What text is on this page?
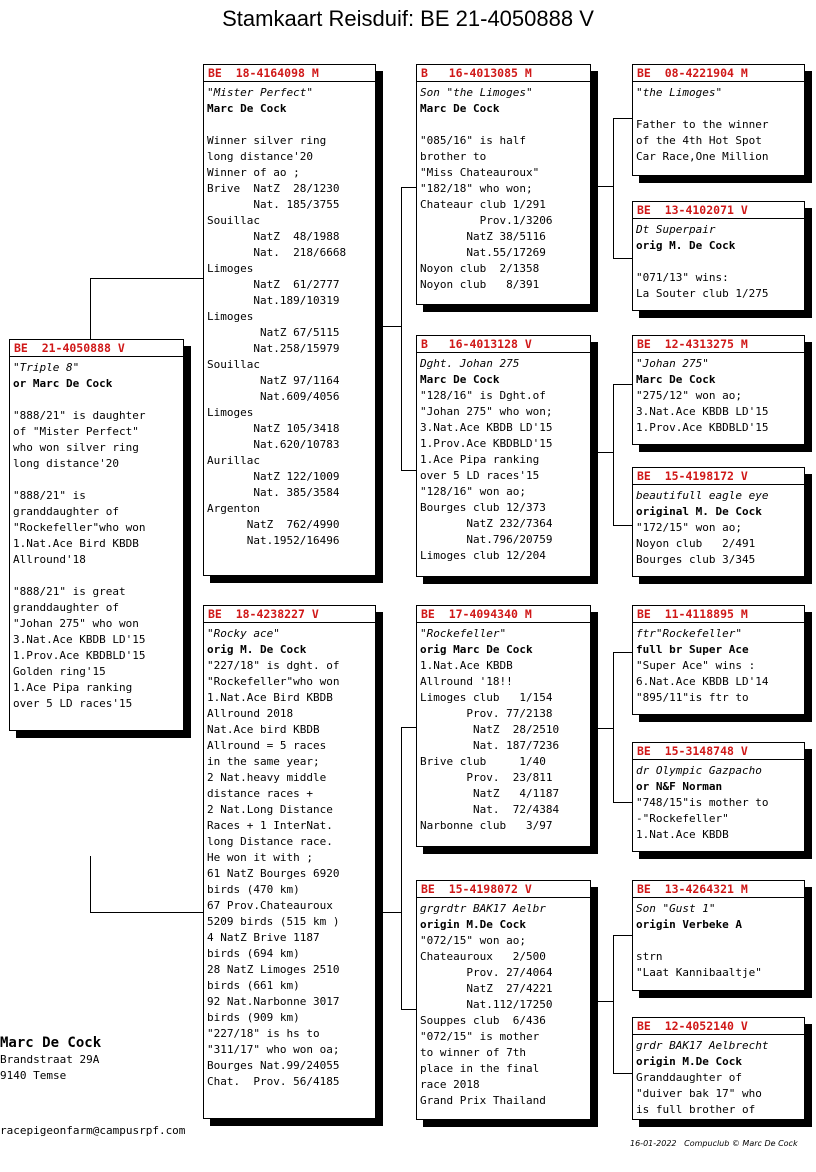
Stamkaart Reisduif: BE 21-4050888 V
BE  21-4050888 V
"Triple 8"
or Marc De Cock
"888/21" is daughter
of "Mister Perfect"
who won silver ring
long distance'20
"888/21" is
granddaughter of
"Rockefeller"who won
1.Nat.Ace Bird KBDB
Allround'18
"888/21" is great
granddaughter of
"Johan 275" who won
3.Nat.Ace KBDB LD'15
1.Prov.Ace KBDBLD'15
Golden ring'15
1.Ace Pipa ranking
over 5 LD races'15
BE  18-4164098 M
"Mister Perfect"
Marc De Cock
Winner silver ring
long distance'20
Winner of ao ;
Brive  NatZ  28/1230
Nat. 185/3755
Souillac
NatZ  48/1988
Nat.  218/6668
Limoges
NatZ  61/2777
Nat.189/10319
Limoges
NatZ 67/5115
Nat.258/15979
Souillac
NatZ 97/1164
Nat.609/4056
Limoges
NatZ 105/3418
Nat.620/10783
Aurillac
NatZ 122/1009
Nat. 385/3584
Argenton
NatZ  762/4990
Nat.1952/16496
BE  18-4238227 V
"Rocky ace"
orig M. De Cock
"227/18" is dght. of
"Rockefeller"who won
1.Nat.Ace Bird KBDB
Allround 2018
Nat.Ace bird KBDB
Allround = 5 races
in the same year;
2 Nat.heavy middle
distance races +
2 Nat.Long Distance
Races + 1 InterNat.
long Distance race.
He won it with ;
61 NatZ Bourges 6920
birds (470 km)
67 Prov.Chateauroux
5209 birds (515 km )
4 NatZ Brive 1187
birds (694 km)
28 NatZ Limoges 2510
birds (661 km)
92 Nat.Narbonne 3017
birds (909 km)
"227/18" is hs to
"311/17" who won oa;
Bourges Nat.99/24055
Chat.  Prov. 56/4185
B   16-4013085 M
Son "the Limoges"
Marc De Cock
"085/16" is half
brother to
"Miss Chateauroux"
"182/18" who won;
Chateaur club 1/291
Prov.1/3206
NatZ 38/5116
Nat.55/17269
Noyon club  2/1358
Noyon club   8/391
B   16-4013128 V
Dght. Johan 275
Marc De Cock
"128/16" is Dght.of
"Johan 275" who won;
3.Nat.Ace KBDB LD'15
1.Prov.Ace KBDBLD'15
1.Ace Pipa ranking
over 5 LD races'15
"128/16" won ao;
Bourges club 12/373
NatZ 232/7364
Nat.796/20759
Limoges club 12/204
BE  17-4094340 M
"Rockefeller"
orig Marc De Cock
1.Nat.Ace KBDB
Allround '18!!
Limoges club   1/154
Prov. 77/2138
NatZ  28/2510
Nat. 187/7236
Brive club     1/40
Prov.  23/811
NatZ   4/1187
Nat.  72/4384
Narbonne club   3/97
BE  15-4198072 V
grgrdtr BAK17 Aelbr
origin M.De Cock
"072/15" won ao;
Chateauroux   2/500
Prov. 27/4064
NatZ  27/4221
Nat.112/17250
Souppes club  6/436
"072/15" is mother
to winner of 7th
place in the final
race 2018
Grand Prix Thailand
BE  08-4221904 M
"the Limoges"
Father to the winner
of the 4th Hot Spot
Car Race,One Million
BE  13-4102071 V
Dt Superpair
orig M. De Cock
"071/13" wins:
La Souter club 1/275
BE  12-4313275 M
"Johan 275"
Marc De Cock
"275/12" won ao;
3.Nat.Ace KBDB LD'15
1.Prov.Ace KBDBLD'15
BE  15-4198172 V
beautifull eagle eye
original M. De Cock
"172/15" won ao;
Noyon club   2/491
Bourges club 3/345
BE  11-4118895 M
ftr"Rockefeller"
full br Super Ace
"Super Ace" wins :
6.Nat.Ace KBDB LD'14
"895/11"is ftr to
BE  15-3148748 V
dr Olympic Gazpacho
or N&F Norman
"748/15"is mother to
-"Rockefeller"
1.Nat.Ace KBDB
BE  13-4264321 M
Son "Gust 1"
origin Verbeke A
strn
"Laat Kannibaaltje"
BE  12-4052140 V
grdr BAK17 Aelbrecht
origin M.De Cock
Granddaughter of
"duiver bak 17" who
is full brother of
Marc De Cock
Brandstraat 29A
9140 Temse
racepigeonfarm@campusrpf.com
16-01-2022 Compuclub © Marc De Cock
